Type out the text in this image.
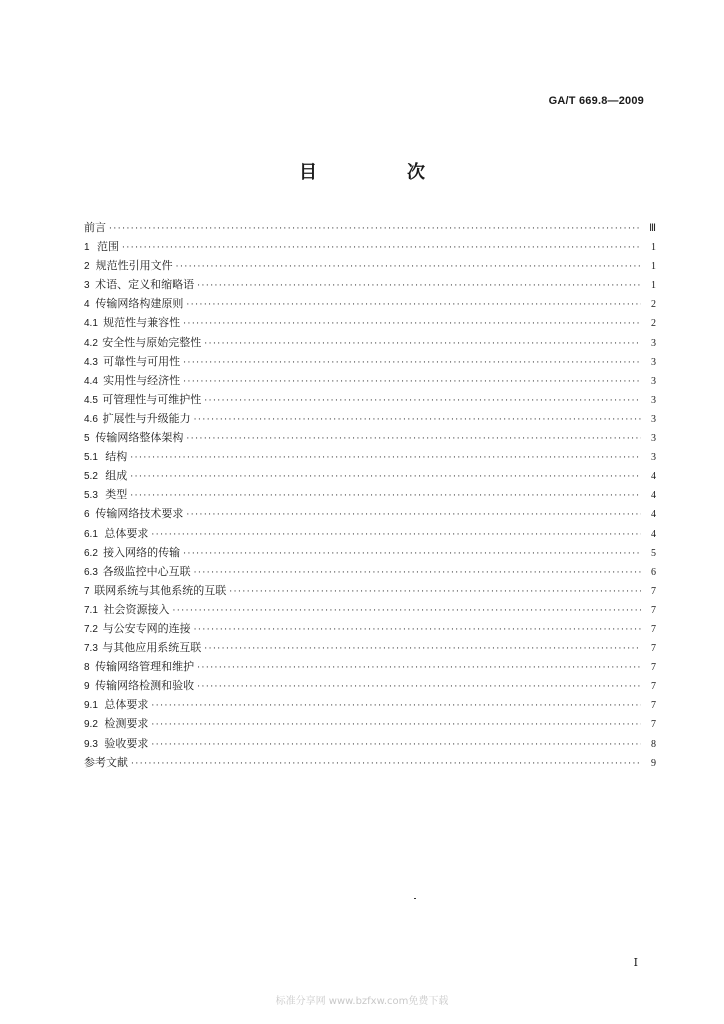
GA/T 669.8—2009
目　次
前言 ·····	Ⅲ
1 范围 ·····	1
2 规范性引用文件 ·····	1
3 术语、定义和缩略语 ·····	1
4 传输网络构建原则 ·····	2
4.1 规范性与兼容性 ·····	2
4.2 安全性与原始完整性 ·····	3
4.3 可靠性与可用性 ·····	3
4.4 实用性与经济性 ·····	3
4.5 可管理性与可维护性 ·····	3
4.6 扩展性与升级能力 ·····	3
5 传输网络整体架构 ·····	3
5.1 结构 ·····	3
5.2 组成 ·····	4
5.3 类型 ·····	4
6 传输网络技术要求 ·····	4
6.1 总体要求 ·····	4
6.2 接入网络的传输 ·····	5
6.3 各级监控中心互联 ·····	6
7 联网系统与其他系统的互联 ·····	7
7.1 社会资源接入 ·····	7
7.2 与公安专网的连接 ·····	7
7.3 与其他应用系统互联 ·····	7
8 传输网络管理和维护 ·····	7
9 传输网络检测和验收 ·····	7
9.1 总体要求 ·····	7
9.2 检测要求 ·····	7
9.3 验收要求 ·····	8
参考文献 ·····	9
I
标准分享网 www.bzfxw.com免费下载
